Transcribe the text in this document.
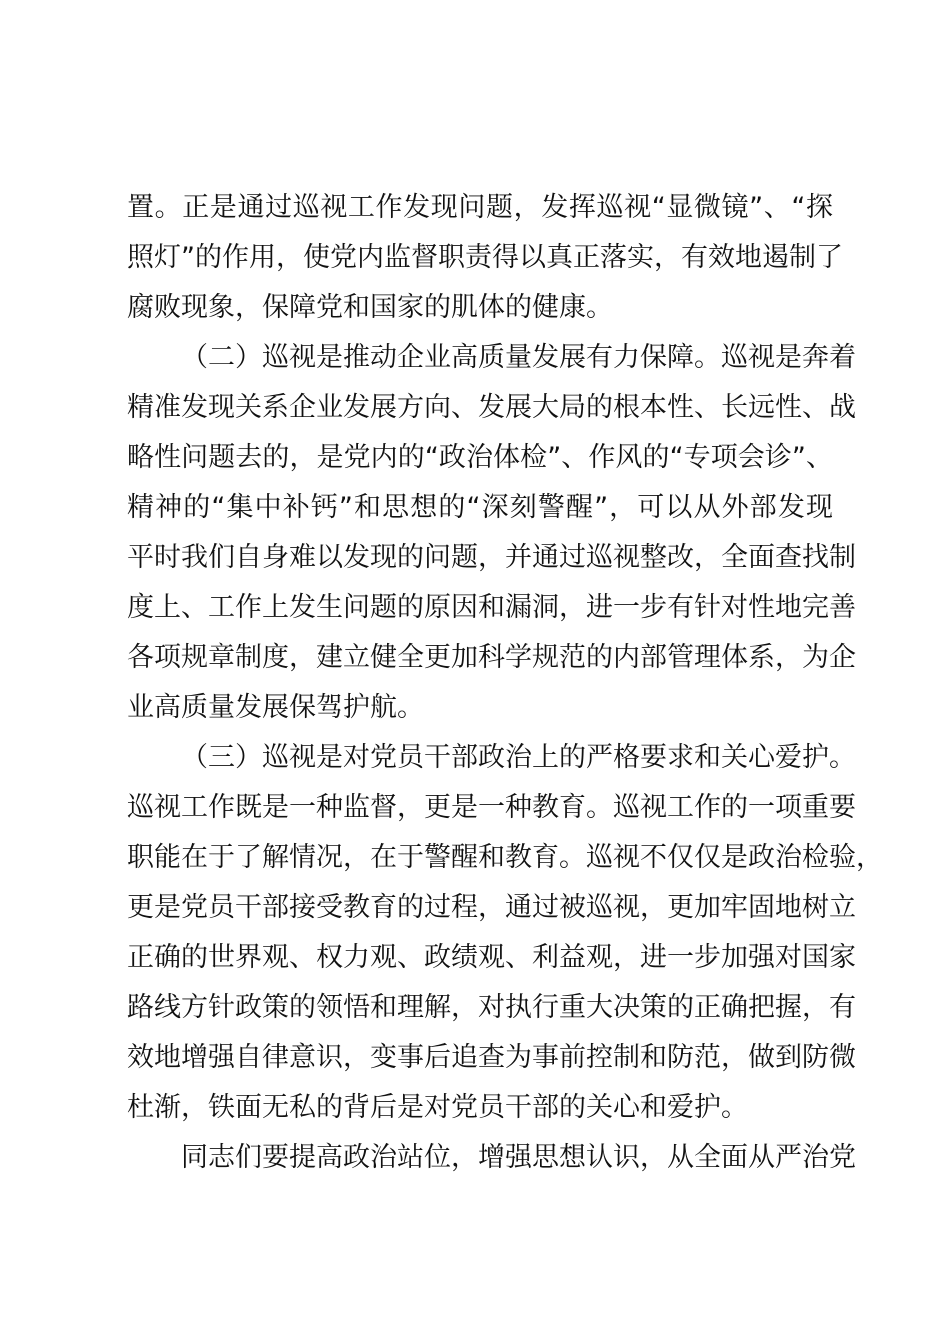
置。正是通过巡视工作发现问题，发挥巡视“显微镜”、“探
照灯”的作用，使党内监督职责得以真正落实，有效地遏制了
腐败现象，保障党和国家的肌体的健康。
（二）巡视是推动企业高质量发展有力保障。巡视是奔着
精准发现关系企业发展方向、发展大局的根本性、长远性、战
略性问题去的，是党内的“政治体检”、作风的“专项会诊”、
精神的“集中补钙”和思想的“深刻警醒”，可以从外部发现
平时我们自身难以发现的问题，并通过巡视整改，全面查找制
度上、工作上发生问题的原因和漏洞，进一步有针对性地完善
各项规章制度，建立健全更加科学规范的内部管理体系，为企
业高质量发展保驾护航。
（三）巡视是对党员干部政治上的严格要求和关心爱护。
巡视工作既是一种监督，更是一种教育。巡视工作的一项重要
职能在于了解情况，在于警醒和教育。巡视不仅仅是政治检验，
更是党员干部接受教育的过程，通过被巡视，更加牢固地树立
正确的世界观、权力观、政绩观、利益观，进一步加强对国家
路线方针政策的领悟和理解，对执行重大决策的正确把握，有
效地增强自律意识，变事后追查为事前控制和防范，做到防微
杜渐，铁面无私的背后是对党员干部的关心和爱护。
同志们要提高政治站位，增强思想认识，从全面从严治党
